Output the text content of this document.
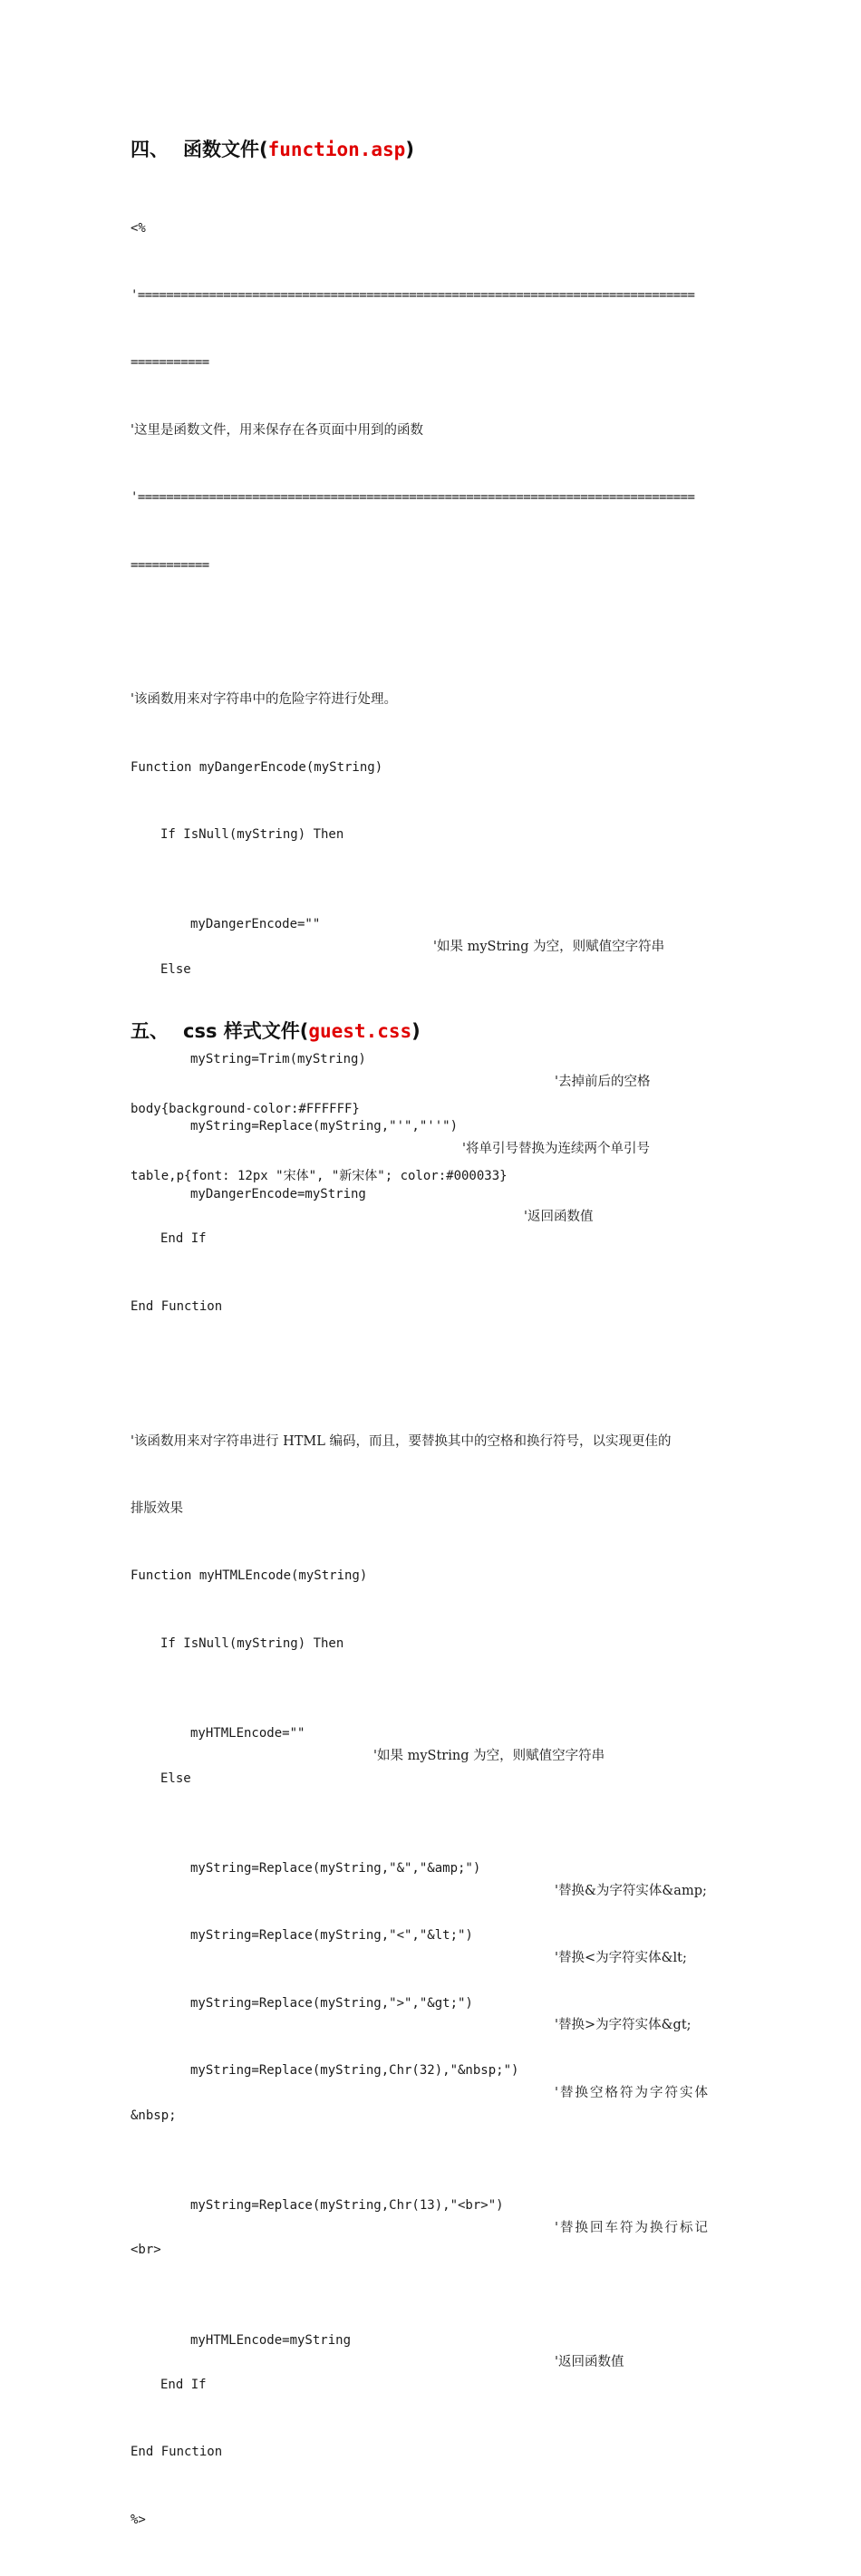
四、 函数文件(function.asp)

<%

'==============================================================================

===========

'这里是函数文件，用来保存在各页面中用到的函数

'==============================================================================

===========

'该函数用来对字符串中的危险字符进行处理。

Function myDangerEncode(myString)

If IsNull(myString) Then

myDangerEncode=""

'如果 myString 为空，则赋值空字符串

Else

myString=Trim(myString)

'去掉前后的空格

myString=Replace(myString,"'","''")

'将单引号替换为连续两个单引号

myDangerEncode=myString

'返回函数值

End If

End Function

'该函数用来对字符串进行 HTML 编码，而且，要替换其中的空格和换行符号，以实现更佳的

排版效果

Function myHTMLEncode(myString)

If IsNull(myString) Then

myHTMLEncode=""

'如果 myString 为空，则赋值空字符串

Else

myString=Replace(myString,"&","&amp;")

'替换&为字符实体&amp;

myString=Replace(myString,"<","&lt;")

'替换<为字符实体&lt;

myString=Replace(myString,">","&gt;")

'替换>为字符实体&gt;

myString=Replace(myString,Chr(32),"&nbsp;")

'替换空格符为字符实体

&nbsp;

myString=Replace(myString,Chr(13),"<br>")

'替换回车符为换行标记

<br>

myHTMLEncode=myString

'返回函数值

End If

End Function

%>

五、 css 样式文件(guest.css)

body{background-color:#FFFFFF}

table,p{font: 12px "宋体", "新宋体"; color:#000033}
